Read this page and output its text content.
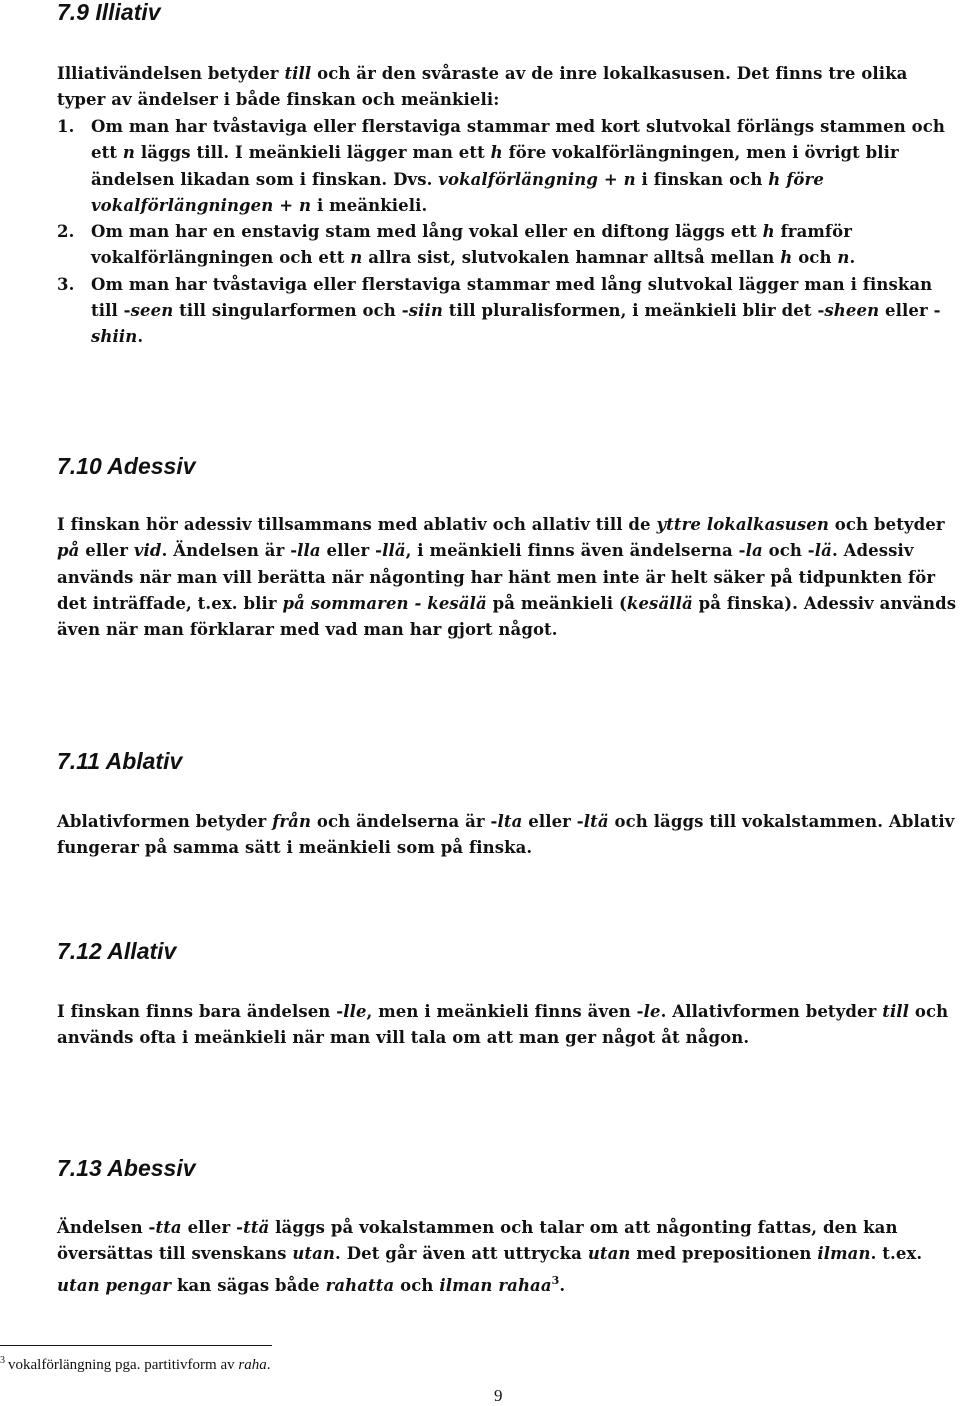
7.9 Illiativ
Illiativändelsen betyder till och är den svåraste av de inre lokalkasusen. Det finns tre olika typer av ändelser i både finskan och meänkieli:
1. Om man har tvåstaviga eller flerstaviga stammar med kort slutvokal förlängs stammen och ett n läggs till. I meänkieli lägger man ett h före vokalförlängningen, men i övrigt blir ändelsen likadan som i finskan. Dvs. vokalförlängning + n i finskan och h före vokalförlängningen + n i meänkieli.
2. Om man har en enstavig stam med lång vokal eller en diftong läggs ett h framför vokalförlängningen och ett n allra sist, slutvokalen hamnar alltså mellan h och n.
3. Om man har tvåstaviga eller flerstaviga stammar med lång slutvokal lägger man i finskan till -seen till singularformen och -siin till pluralisformen, i meänkieli blir det -sheen eller -shiin.
7.10 Adessiv
I finskan hör adessiv tillsammans med ablativ och allativ till de yttre lokalkasusen och betyder på eller vid. Ändelsen är -lla eller -llä, i meänkieli finns även ändelserna -la och -lä. Adessiv används när man vill berätta när någonting har hänt men inte är helt säker på tidpunkten för det inträffade, t.ex. blir på sommaren - kesälä på meänkieli (kesällä på finska). Adessiv används även när man förklarar med vad man har gjort något.
7.11 Ablativ
Ablativformen betyder från och ändelserna är -lta eller -ltä och läggs till vokalstammen. Ablativ fungerar på samma sätt i meänkieli som på finska.
7.12 Allativ
I finskan finns bara ändelsen -lle, men i meänkieli finns även -le. Allativformen betyder till och används ofta i meänkieli när man vill tala om att man ger något åt någon.
7.13 Abessiv
Ändelsen -tta eller -ttä läggs på vokalstammen och talar om att någonting fattas, den kan översättas till svenskans utan. Det går även att uttrycka utan med prepositionen ilman. t.ex. utan pengar kan sägas både rahatta och ilman rahaa$^3$.
$^3$ vokalförlängning pga. partitivform av raha.
9
